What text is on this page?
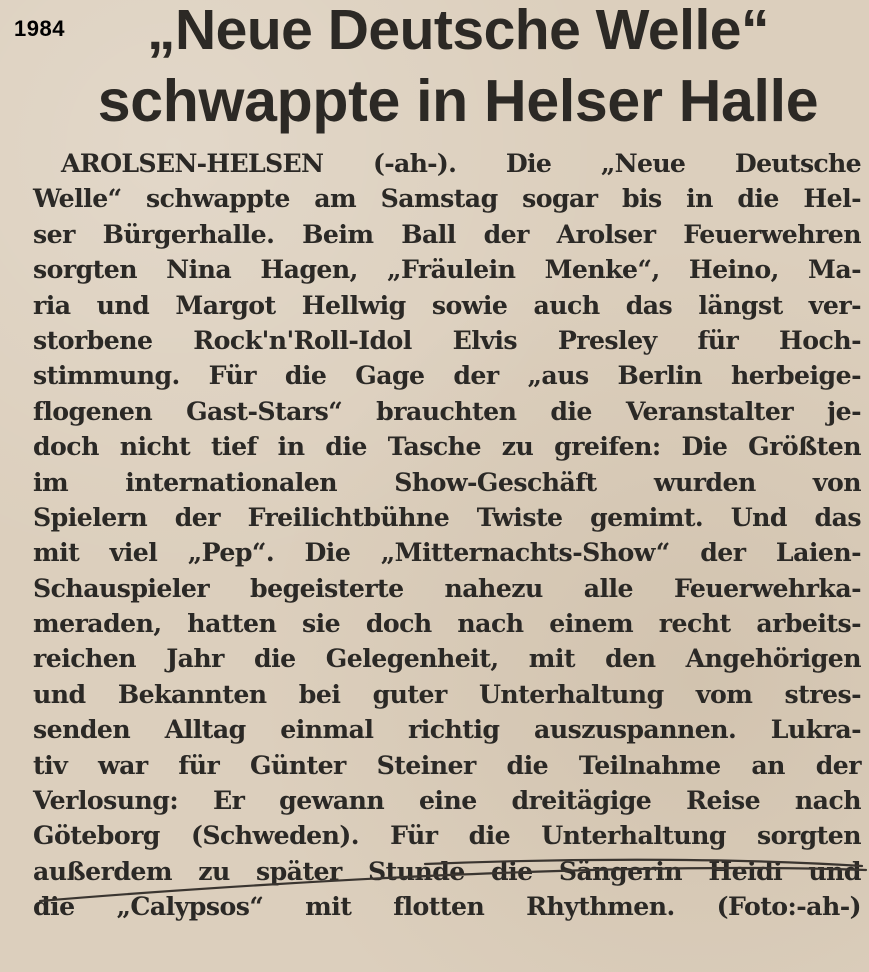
1984	„Neue Deutsche Welle“
schwappte in Helser Halle
AROLSEN-HELSEN (-ah-). Die „Neue Deutsche
Welle“ schwappte am Samstag sogar bis in die Hel-
ser Bürgerhalle. Beim Ball der Arolser Feuerwehren
sorgten Nina Hagen, „Fräulein Menke“, Heino, Ma-
ria und Margot Hellwig sowie auch das längst ver-
storbene Rock'n'Roll-Idol Elvis Presley für Hoch-
stimmung. Für die Gage der „aus Berlin herbeige-
flogenen Gast-Stars“ brauchten die Veranstalter je-
doch nicht tief in die Tasche zu greifen: Die Größten
im internationalen Show-Geschäft wurden von
Spielern der Freilichtbühne Twiste gemimt. Und das
mit viel „Pep“. Die „Mitternachts-Show“ der Laien-
Schauspieler begeisterte nahezu alle Feuerwehrka-
meraden, hatten sie doch nach einem recht arbeits-
reichen Jahr die Gelegenheit, mit den Angehörigen
und Bekannten bei guter Unterhaltung vom stres-
senden Alltag einmal richtig auszuspannen. Lukra-
tiv war für Günter Steiner die Teilnahme an der
Verlosung: Er gewann eine dreitägige Reise nach
Göteborg (Schweden). Für die Unterhaltung sorgten
außerdem zu später Stunde die Sängerin Heidi und
die „Calypsos“ mit flotten Rhythmen. (Foto:-ah-)
